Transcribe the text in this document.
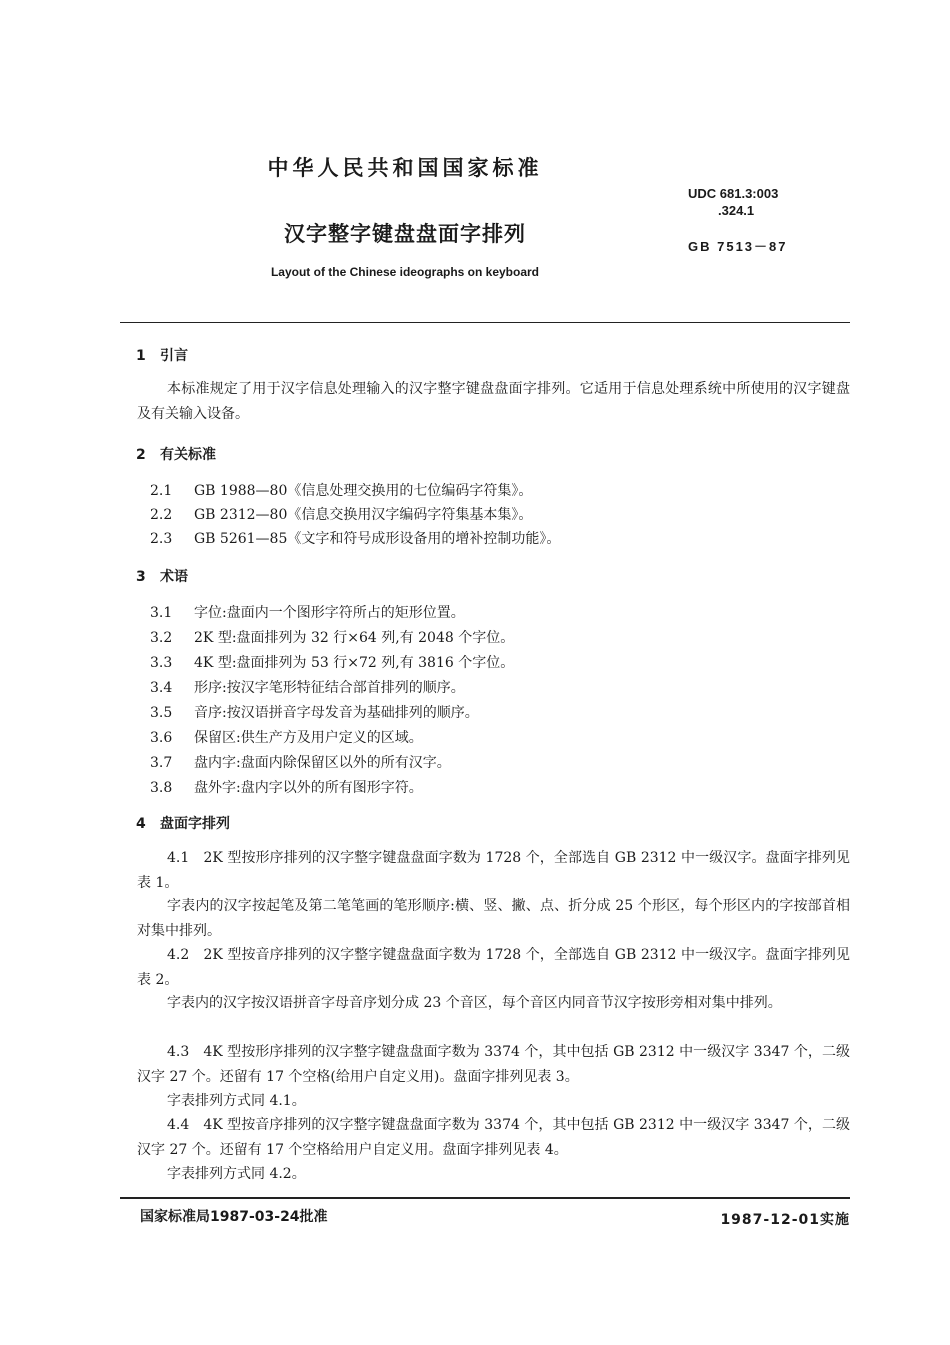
中华人民共和国国家标准
UDC 681.3:003
.324.1
汉字整字键盘盘面字排列
GB 7513－87
Layout of the Chinese ideographs on keyboard
1 引言
本标准规定了用于汉字信息处理输入的汉字整字键盘盘面字排列。它适用于信息处理系统中所使用的汉字键盘及有关输入设备。
2 有关标准
2.1 GB 1988—80《信息处理交换用的七位编码字符集》。
2.2 GB 2312—80《信息交换用汉字编码字符集基本集》。
2.3 GB 5261—85《文字和符号成形设备用的增补控制功能》。
3 术语
3.1 字位:盘面内一个图形字符所占的矩形位置。
3.2 2K 型:盘面排列为 32 行×64 列,有 2048 个字位。
3.3 4K 型:盘面排列为 53 行×72 列,有 3816 个字位。
3.4 形序:按汉字笔形特征结合部首排列的顺序。
3.5 音序:按汉语拼音字母发音为基础排列的顺序。
3.6 保留区:供生产方及用户定义的区域。
3.7 盘内字:盘面内除保留区以外的所有汉字。
3.8 盘外字:盘内字以外的所有图形字符。
4 盘面字排列
4.1　2K 型按形序排列的汉字整字键盘盘面字数为 1728 个，全部选自 GB 2312 中一级汉字。盘面字排列见表 1。
字表内的汉字按起笔及第二笔笔画的笔形顺序:横、竖、撇、点、折分成 25 个形区，每个形区内的字按部首相对集中排列。
4.2　2K 型按音序排列的汉字整字键盘盘面字数为 1728 个，全部选自 GB 2312 中一级汉字。盘面字排列见表 2。
字表内的汉字按汉语拼音字母音序划分成 23 个音区，每个音区内同音节汉字按形旁相对集中排列。
4.3　4K 型按形序排列的汉字整字键盘盘面字数为 3374 个，其中包括 GB 2312 中一级汉字 3347 个，二级汉字 27 个。还留有 17 个空格(给用户自定义用)。盘面字排列见表 3。
字表排列方式同 4.1。
4.4　4K 型按音序排列的汉字整字键盘盘面字数为 3374 个，其中包括 GB 2312 中一级汉字 3347 个，二级汉字 27 个。还留有 17 个空格给用户自定义用。盘面字排列见表 4。
字表排列方式同 4.2。
国家标准局1987-03-24批准	1987-12-01实施
